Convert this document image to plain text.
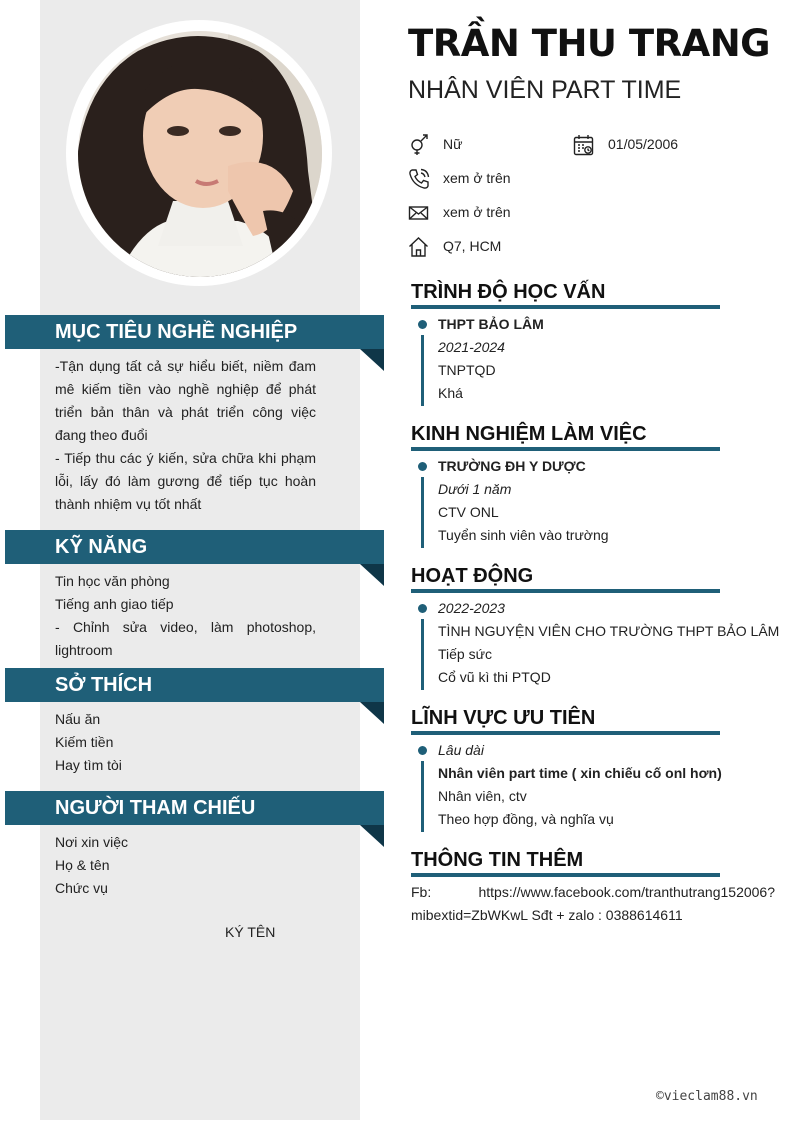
MỤC TIÊU NGHỀ NGHIỆP

-Tận dụng tất cả sự hiểu biết, niềm đam mê kiếm tiền vào nghề nghiệp để phát triển bản thân và phát triển công việc đang theo đuổi

- Tiếp thu các ý kiến, sửa chữa khi phạm lỗi, lấy đó làm gương để tiếp tục hoàn thành nhiệm vụ tốt nhất

KỸ NĂNG

Tin học văn phòng

Tiếng anh giao tiếp

- Chỉnh sửa video, làm photoshop, lightroom

SỞ THÍCH

Nấu ăn

Kiếm tiền

Hay tìm tòi

NGƯỜI THAM CHIẾU

Nơi xin việc

Họ & tên

Chức vụ

KÝ TÊN
TRẦN THU TRANG
NHÂN VIÊN PART TIME
Nữ	01/05/2006
xem ở trên
xem ở trên
Q7, HCM
TRÌNH ĐỘ HỌC VẤN
THPT BẢO LÂM
2021-2024
TNPTQD
Khá
KINH NGHIỆM LÀM VIỆC
TRƯỜNG ĐH Y DƯỢC
Dưới 1 năm
CTV ONL
Tuyển sinh viên vào trường
HOẠT ĐỘNG
2022-2023
TÌNH NGUYỆN VIÊN CHO TRƯỜNG THPT BẢO LÂM
Tiếp sức
Cổ vũ kì thi PTQD
LĨNH VỰC ƯU TIÊN
Lâu dài
Nhân viên part time ( xin chiếu cố onl hơn)
Nhân viên, ctv
Theo hợp đồng, và nghĩa vụ
THÔNG TIN THÊM
Fb:	https://www.facebook.com/tranthutrang152006?
mibextid=ZbWKwL Sđt + zalo : 0388614611
©vieclam88.vn
